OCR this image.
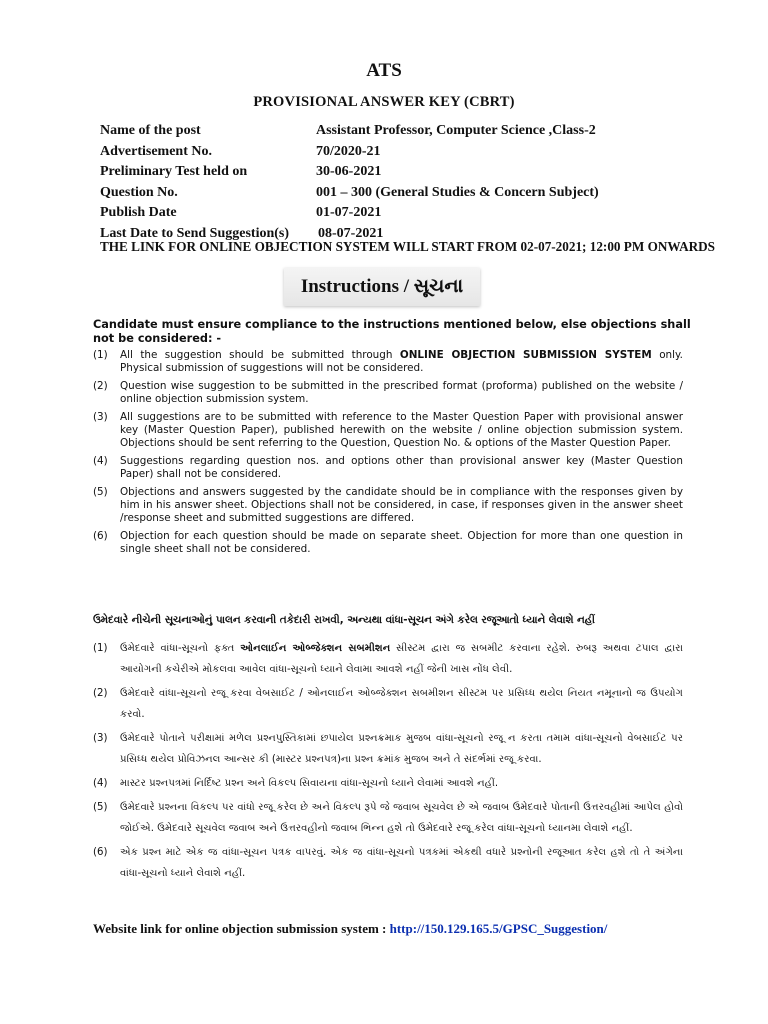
ATS
PROVISIONAL ANSWER KEY (CBRT)
Name of the post	Assistant Professor, Computer Science ,Class-2
Advertisement No.	70/2020-21
Preliminary Test held on	30-06-2021
Question No.	001 – 300 (General Studies & Concern Subject)
Publish Date	01-07-2021
Last Date to Send Suggestion(s) 08-07-2021
THE LINK FOR ONLINE OBJECTION SYSTEM WILL START FROM 02-07-2021; 12:00 PM ONWARDS
Instructions / સૂચના
Candidate must ensure compliance to the instructions mentioned below, else objections shall not be considered: -
(1) All the suggestion should be submitted through ONLINE OBJECTION SUBMISSION SYSTEM only. Physical submission of suggestions will not be considered.
(2) Question wise suggestion to be submitted in the prescribed format (proforma) published on the website / online objection submission system.
(3) All suggestions are to be submitted with reference to the Master Question Paper with provisional answer key (Master Question Paper), published herewith on the website / online objection submission system. Objections should be sent referring to the Question, Question No. & options of the Master Question Paper.
(4) Suggestions regarding question nos. and options other than provisional answer key (Master Question Paper) shall not be considered.
(5) Objections and answers suggested by the candidate should be in compliance with the responses given by him in his answer sheet. Objections shall not be considered, in case, if responses given in the answer sheet /response sheet and submitted suggestions are differed.
(6) Objection for each question should be made on separate sheet. Objection for more than one question in single sheet shall not be considered.
ઉમેદવારે નીચેની સૂચનાઓનું પાલન કરવાની તકેદારી રાખવી, અન્યથા વાંધા-સૂચન અંગે કરેલ રજૂઆતો ધ્યાને લેવાશે નહીં
(1) ઉમેદવારે વાંધા-સૂચનો ફક્ત ઓનલાઈન ઓબ્જેક્શન સબમીશન સીસ્ટમ દ્વારા જ સબમીટ કરવાના રહેશે. રુબરૂ અથવા ટપાલ દ્વારા આયોગની કચેરીએ મોકલવા આવેલ વાંધા-સૂચનો ધ્યાને લેવામા આવશે નહીં જેની ખાસ નોંધ લેવી.
(2) ઉમેદવારે વાંધા-સૂચનો રજૂ કરવા વેબસાઈટ / ઓનલાઈન ઓબ્જેક્શન સબમીશન સીસ્ટમ પર પ્રસિધ્ધ થયેલ નિયત નમૂનાનો જ ઉપયોગ કરવો.
(3) ઉમેદવારે પોતાને પરીક્ષામાં મળેલ પ્રશ્નપુસ્તિકામાં છપાયેલ પ્રશ્નક્રમાક મુજબ વાંધા-સૂચનો રજૂ ન કરતા તમામ વાંધા-સૂચનો વેબસાઈટ પર પ્રસિધ્ધ થયેલ પ્રોવિઝનલ આન્સર કી (માસ્ટર પ્રશ્નપત્ર)ના પ્રશ્ન ક્રમાંક મુજબ અને તે સંદર્ભમાં રજૂ કરવા.
(4) માસ્ટર પ્રશ્નપત્રમાં નિર્દિષ્ટ પ્રશ્ન અને વિકલ્પ સિવાયના વાંધા-સૂચનો ધ્યાને લેવામાં આવશે નહીં.
(5) ઉમેદવારે પ્રશ્નના વિકલ્પ પર વાંધો રજૂ કરેલ છે અને વિકલ્પ રૂપે જે જવાબ સૂચવેલ છે એ જવાબ ઉમેદવારે પોતાની ઉત્તરવહીમાં આપેલ હોવો જોઈએ. ઉમેદવારે સૂચવેલ જવાબ અને ઉત્તરવહીનો જવાબ ભિન્ન હશે તો ઉમેદવારે રજૂ કરેલ વાંધા-સૂચનો ધ્યાનમા લેવાશે નહીં.
(6) એક પ્રશ્ન માટે એક જ વાંધા-સૂચન પત્રક વાપરવું. એક જ વાંધા-સૂચનો પત્રકમાં એકથી વધારે પ્રશ્નોની રજૂઆત કરેલ હશે તો તે અંગેના વાંધા-સૂચનો ધ્યાને લેવાશે નહીં.
Website link for online objection submission system : http://150.129.165.5/GPSC_Suggestion/
